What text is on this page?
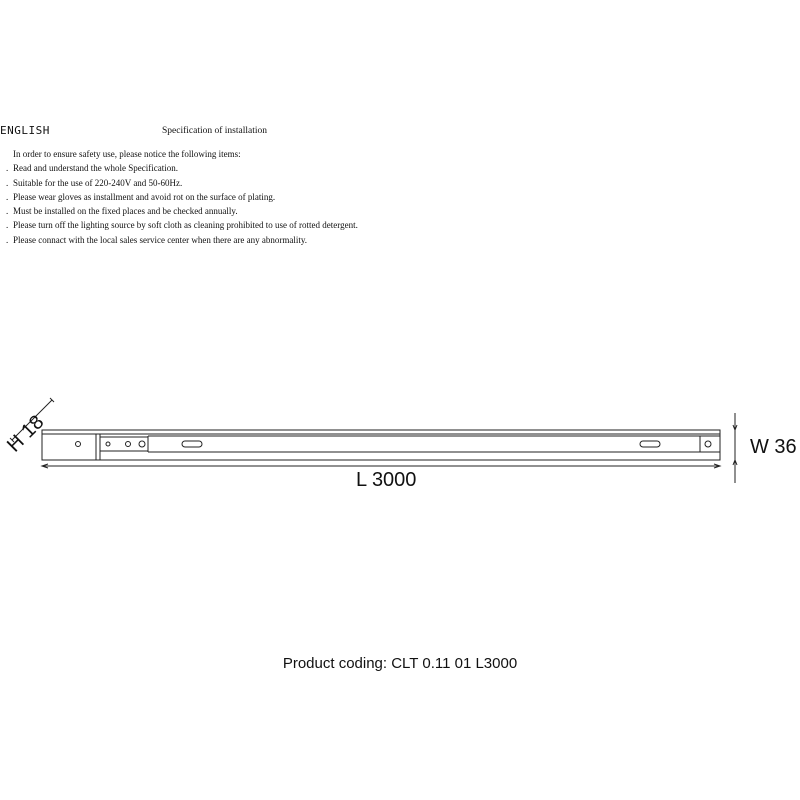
ENGLISH	Specification of installation
In order to ensure safety use, please notice the following items:
. Read and understand the whole Specification.
. Suitable for the use of 220-240V and 50-60Hz.
. Please wear gloves as installment and avoid rot on the surface of plating.
. Must be installed on the fixed places and be checked annually.
. Please turn off the lighting source by soft cloth as cleaning prohibited to use of rotted detergent.
. Please connact with the local sales service center when there are any abnormality.
H 18	W 36
L 3000
Product coding: CLT 0.11 01 L3000
